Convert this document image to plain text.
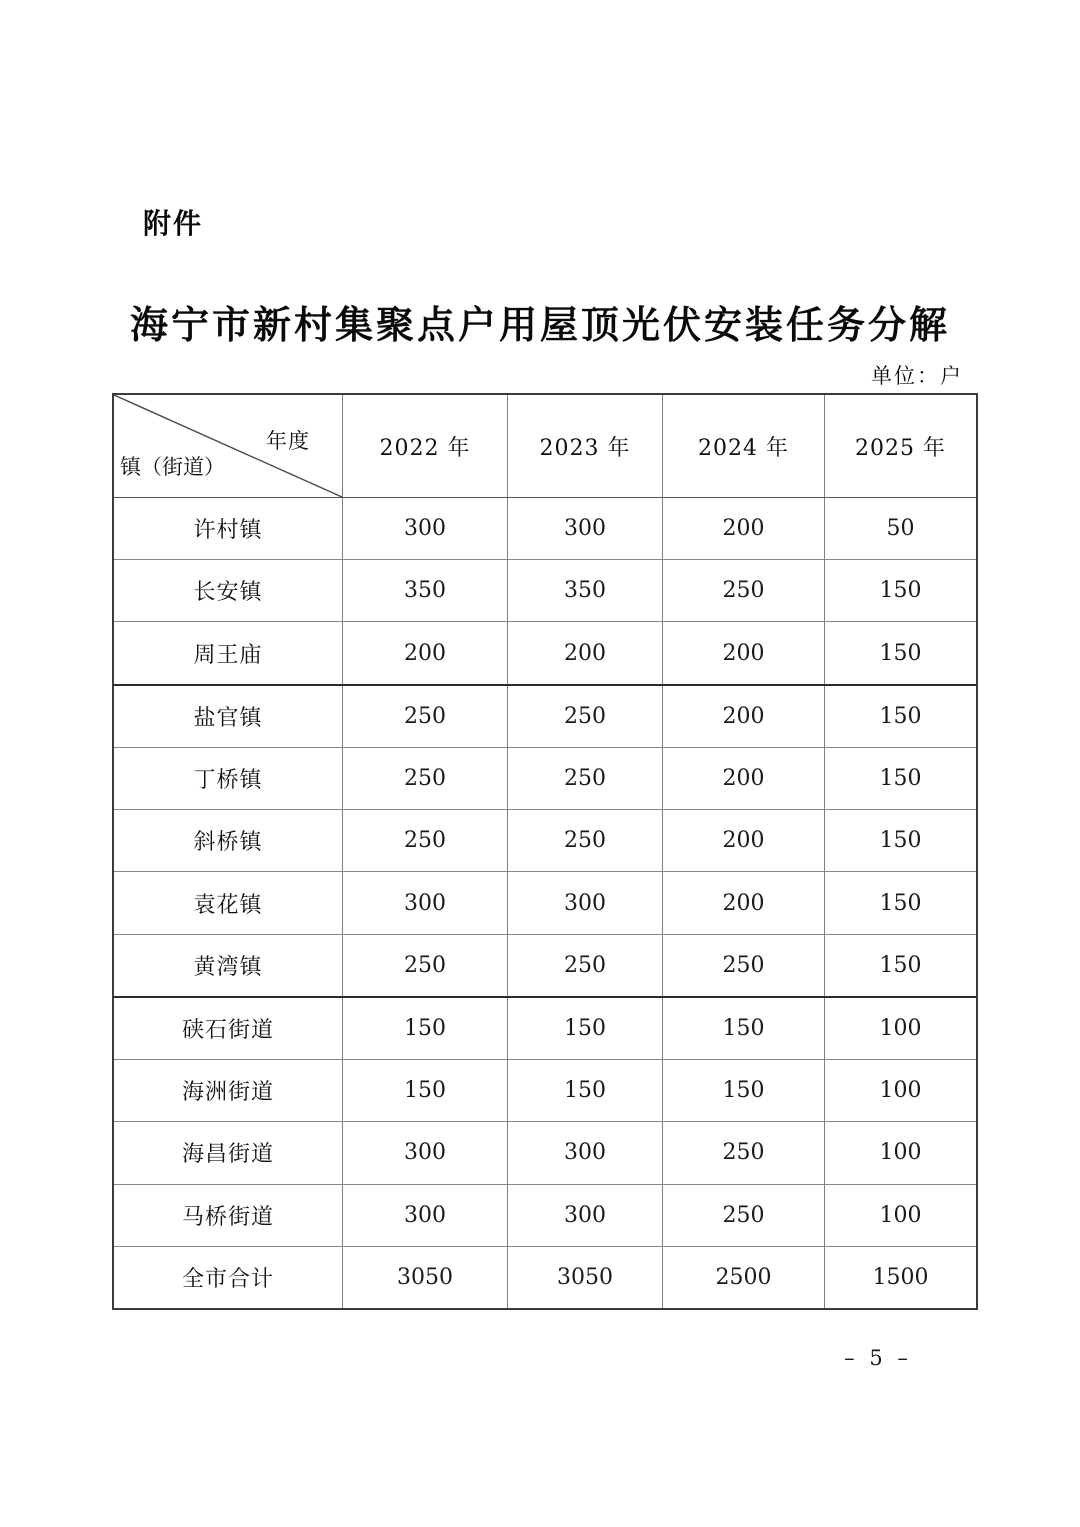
附件
海宁市新村集聚点户用屋顶光伏安装任务分解
单位：户
年度
镇（街道）
2022 年	2023 年	2024 年	2025 年
许村镇	300	300	200	50
长安镇	350	350	250	150
周王庙	200	200	200	150
盐官镇	250	250	200	150
丁桥镇	250	250	200	150
斜桥镇	250	250	200	150
袁花镇	300	300	200	150
黄湾镇	250	250	250	150
硖石街道	150	150	150	100
海洲街道	150	150	150	100
海昌街道	300	300	250	100
马桥街道	300	300	250	100
全市合计	3050	3050	2500	1500
– 5 –
